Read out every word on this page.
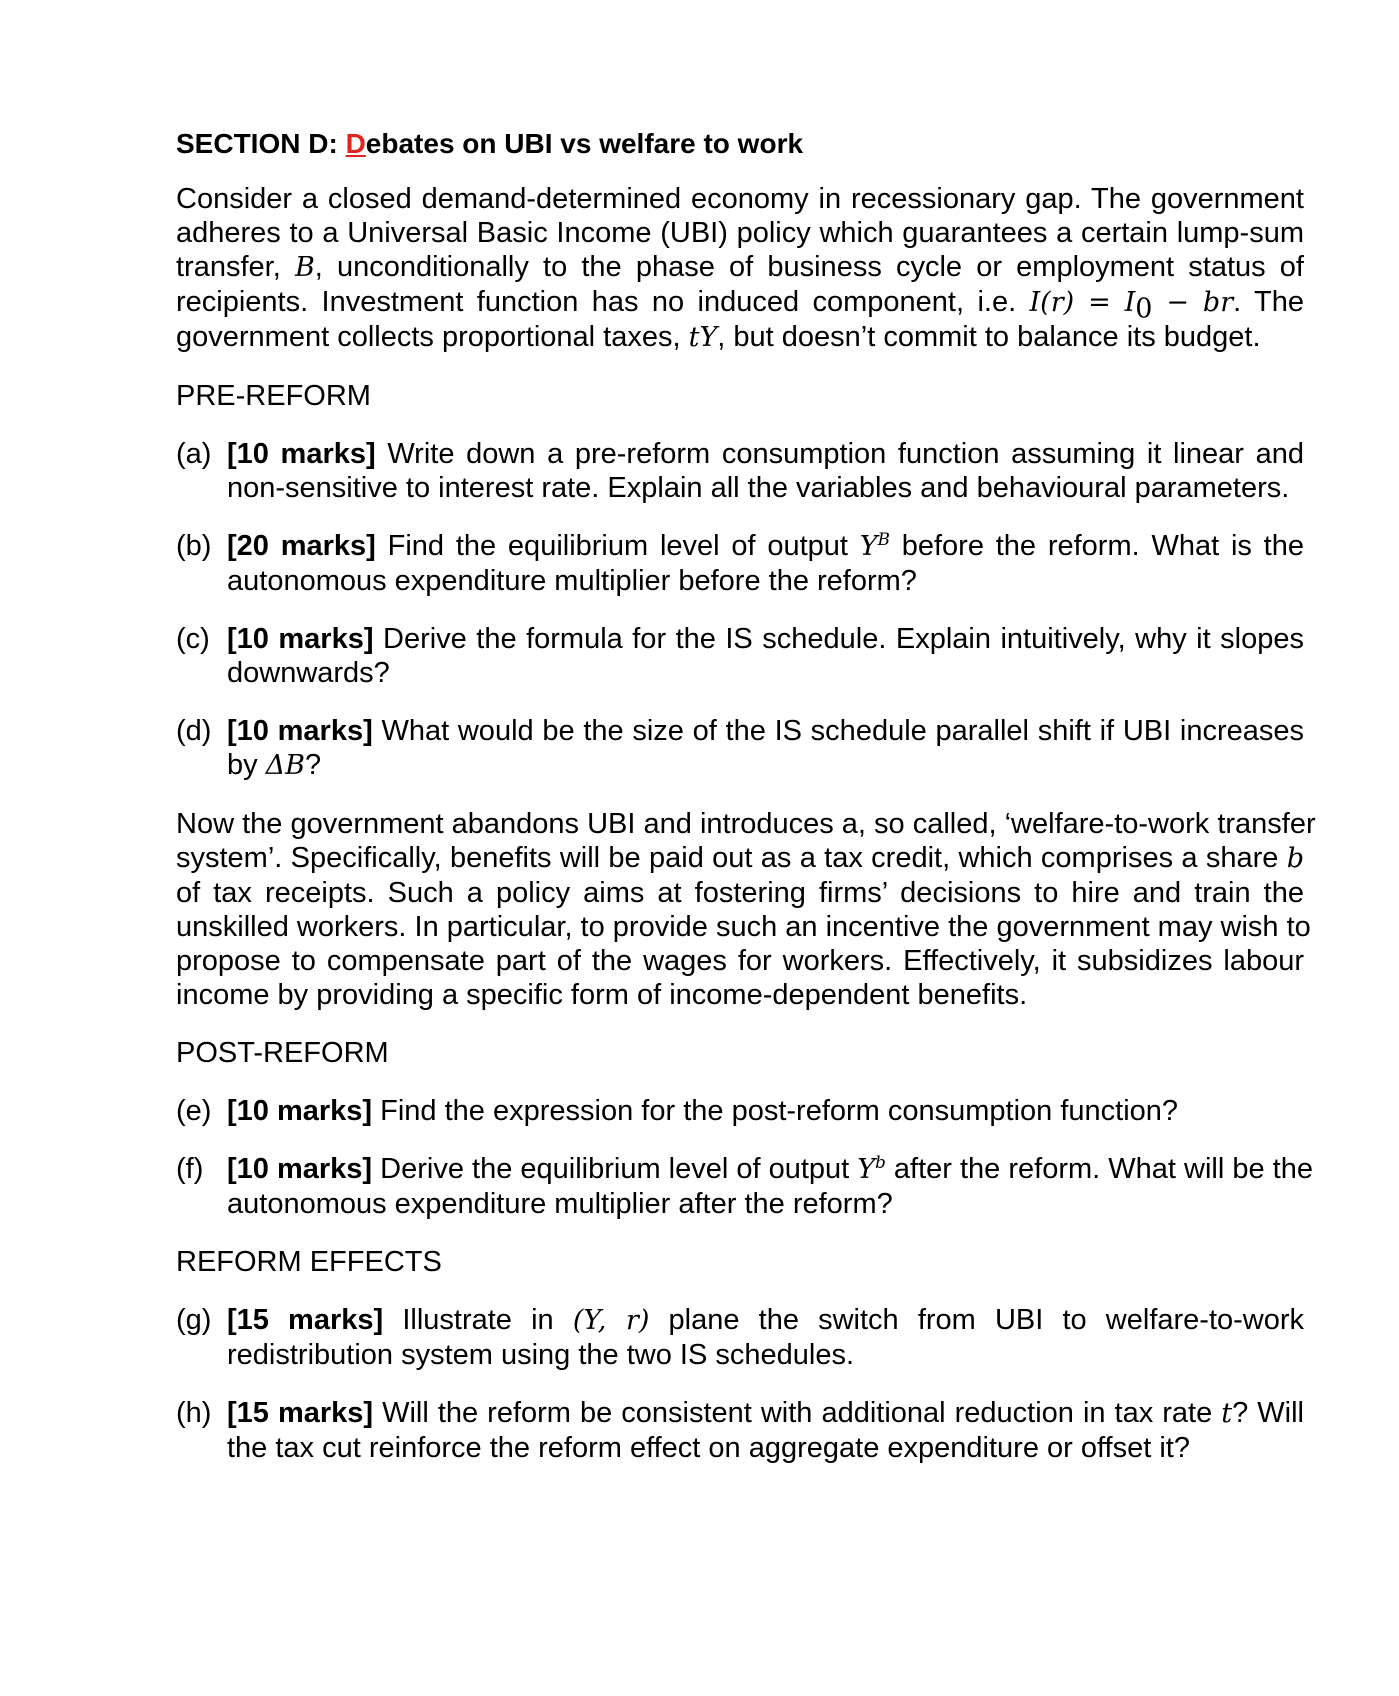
SECTION D: Debates on UBI vs welfare to work

Consider a closed demand-determined economy in recessionary gap. The government
adheres to a Universal Basic Income (UBI) policy which guarantees a certain lump-sum
transfer, B, unconditionally to the phase of business cycle or employment status of
recipients. Investment function has no induced component, i.e. $I(r) = I_0$ − br. The
government collects proportional taxes, tY, but doesn’t commit to balance its budget.

PRE-REFORM

(a) [10 marks] Write down a pre-reform consumption function assuming it linear and
non-sensitive to interest rate. Explain all the variables and behavioural parameters.
(b) [20 marks] Find the equilibrium level of output $Y^B$ before the reform. What is the
autonomous expenditure multiplier before the reform?
(c) [10 marks] Derive the formula for the IS schedule. Explain intuitively, why it slopes
downwards?
(d) [10 marks] What would be the size of the IS schedule parallel shift if UBI increases
by ΔB?

Now the government abandons UBI and introduces a, so called, ‘welfare-to-work transfer
system’. Specifically, benefits will be paid out as a tax credit, which comprises a share b
of tax receipts. Such a policy aims at fostering firms’ decisions to hire and train the
unskilled workers. In particular, to provide such an incentive the government may wish to
propose to compensate part of the wages for workers. Effectively, it subsidizes labour
income by providing a specific form of income-dependent benefits.

POST-REFORM

(e) [10 marks] Find the expression for the post-reform consumption function?
(f) [10 marks] Derive the equilibrium level of output $Y^b$ after the reform. What will be the
autonomous expenditure multiplier after the reform?

REFORM EFFECTS

(g) [15 marks] Illustrate in (Y, r) plane the switch from UBI to welfare-to-work
redistribution system using the two IS schedules.
(h) [15 marks] Will the reform be consistent with additional reduction in tax rate t? Will
the tax cut reinforce the reform effect on aggregate expenditure or offset it?
